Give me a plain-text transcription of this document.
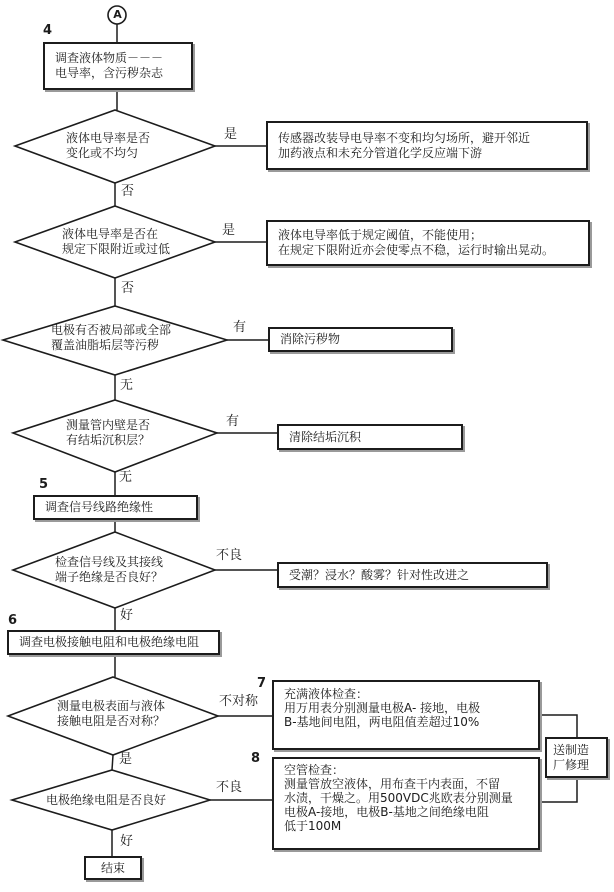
A
4
5
6
7
8
调查液体物质－－－
电导率，含污秽杂志
液体电导率是否
变化或不均匀
是
否
传感器改装导电导率不变和均匀场所，避开邻近
加药液点和未充分管道化学反应端下游
液体电导率是否在
规定下限附近或过低
是
否
液体电导率低于规定阈值，不能使用；
在规定下限附近亦会使零点不稳，运行时输出晃动。
电极有否被局部或全部
覆盖油脂垢层等污秽
有
无
消除污秽物
测量管内壁是否
有结垢沉积层？
有
无
清除结垢沉积
调查信号线路绝缘性
检查信号线及其接线
端子绝缘是否良好？
不良
好
受潮？浸水？酸雾？针对性改进之
调查电极接触电阻和电极绝缘电阻
测量电极表面与液体
接触电阻是否对称？
不对称
是
充满液体检查：
用万用表分别测量电极A- 接地，电极
B-基地间电阻，两电阻值差超过10%
电极绝缘电阻是否良好
不良
好
空管检查：
测量管放空液体，用布查干内表面，不留
水渍，干燥之。用500VDC兆欧表分别测量
电极A-接地，电极B-基地之间绝缘电阻
低于100M
送制造
厂修理
结束
